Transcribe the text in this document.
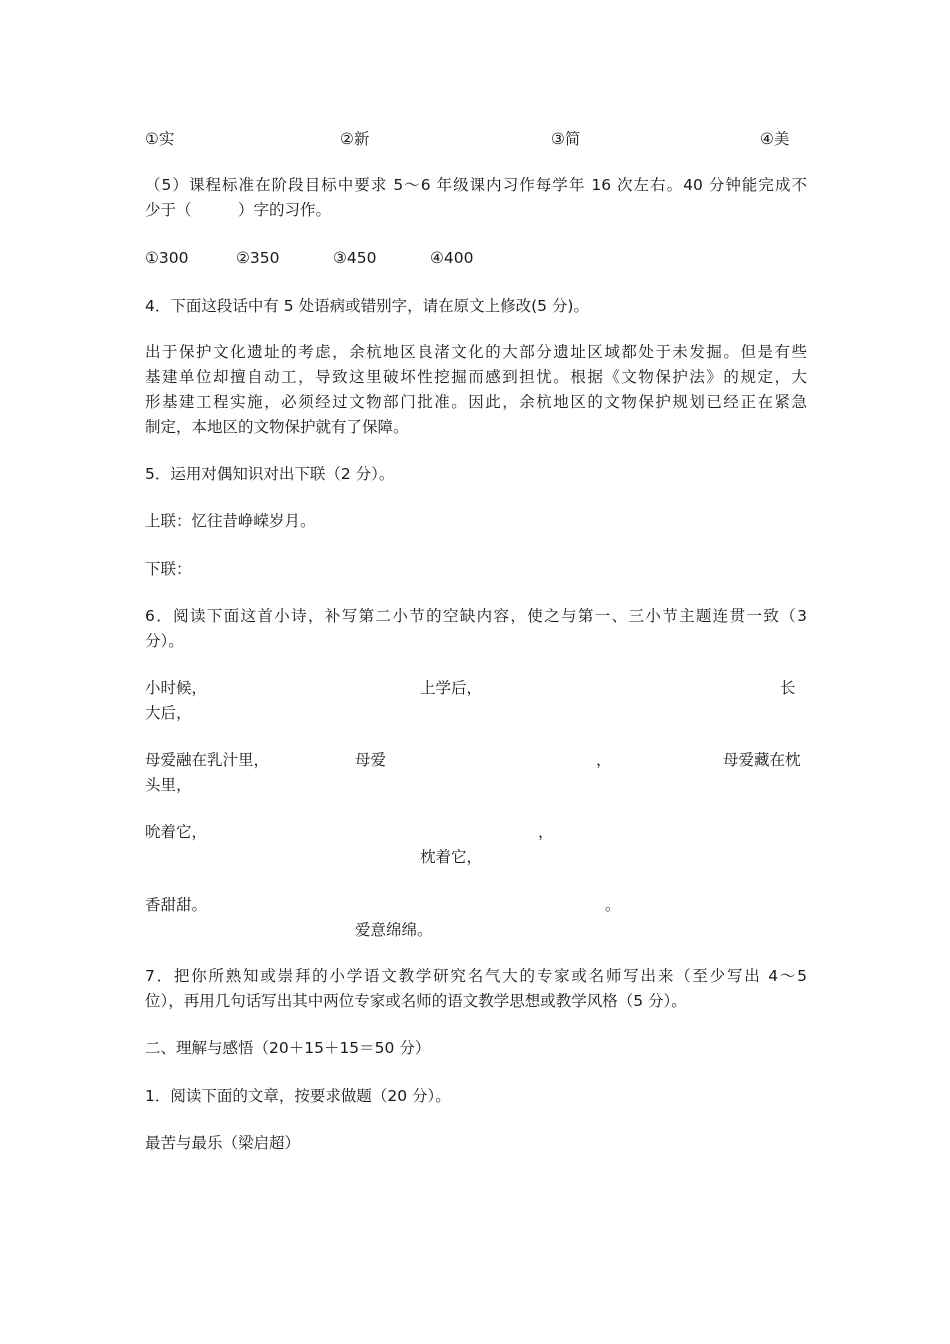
①实	②新	③简	④美

（5）课程标准在阶段目标中要求 5～6 年级课内习作每学年 16 次左右。40 分钟能完成不

少于（　　　）字的习作。

①300	②350	③450	④400

4．下面这段话中有 5 处语病或错别字，请在原文上修改(5 分)。

出于保护文化遗址的考虑，余杭地区良渚文化的大部分遗址区域都处于未发掘。但是有些

基建单位却擅自动工，导致这里破坏性挖掘而感到担忧。根据《文物保护法》的规定，大

形基建工程实施，必须经过文物部门批准。因此，余杭地区的文物保护规划已经正在紧急

制定，本地区的文物保护就有了保障。

5．运用对偶知识对出下联（2 分）。

上联：忆往昔峥嵘岁月。

下联：

6．阅读下面这首小诗，补写第二小节的空缺内容，使之与第一、三小节主题连贯一致（3

分）。

小时候，	上学后，	长

大后，

母爱融在乳汁里，	母爱	，	母爱藏在枕

头里，

吮着它，	，

枕着它，

香甜甜。	。

爱意绵绵。

7．把你所熟知或崇拜的小学语文教学研究名气大的专家或名师写出来（至少写出 4～5

位），再用几句话写出其中两位专家或名师的语文教学思想或教学风格（5 分）。

二、理解与感悟（20＋15＋15＝50 分）

1．阅读下面的文章，按要求做题（20 分）。

最苦与最乐（梁启超）
